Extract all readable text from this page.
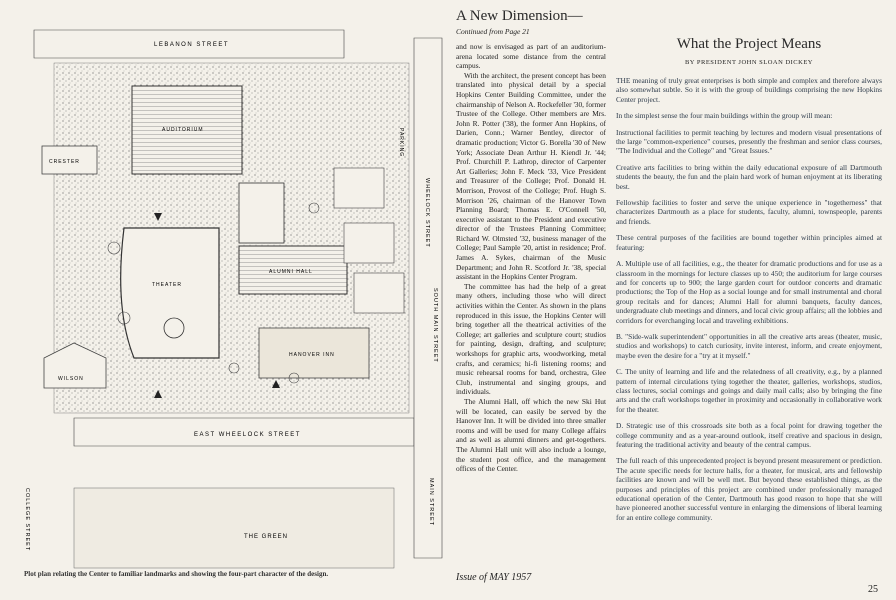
LEBANON STREET
EAST WHEELOCK STREET
THE GREEN
WHEELOCK STREET
SOUTH MAIN STREET
MAIN STREET
COLLEGE STREET
AUDITORIUM
THEATER
ALUMNI HALL
HANOVER INN
WILSON
CRESTER
PARKING
Plot plan relating the Center to familiar landmarks and showing the four-part character of the design.
A New Dimension—
Continued from Page 21

and now is envisaged as part of an auditorium-arena located some distance from the central campus.

With the architect, the present concept has been translated into physical detail by a special Hopkins Center Building Committee, under the chairmanship of Nelson A. Rockefeller '30, former Trustee of the College. Other members are Mrs. John R. Potter ('38), the former Ann Hopkins, of Darien, Conn.; Warner Bentley, director of dramatic production; Victor G. Borella '30 of New York; Associate Dean Arthur H. Kiendl Jr. '44; Prof. Churchill P. Lathrop, director of Carpenter Art Galleries; John F. Meck '33, Vice President and Treasurer of the College; Prof. Donald H. Morrison, Provost of the College; Prof. Hugh S. Morrison '26, chairman of the Hanover Town Planning Board; Thomas E. O'Connell '50, executive assistant to the President and executive director of the Trustees Planning Committee; Richard W. Olmsted '32, business manager of the College; Paul Sample '20, artist in residence; Prof. James A. Sykes, chairman of the Music Department; and John R. Scotford Jr. '38, special assistant in the Hopkins Center Program.

The committee has had the help of a great many others, including those who will direct activities within the Center. As shown in the plans reproduced in this issue, the Hopkins Center will bring together all the theatrical activities of the College; art galleries and sculpture court; studios for painting, design, drafting, and sculpture; workshops for graphic arts, woodworking, metal crafts, and ceramics; hi-fi listening rooms; and music rehearsal rooms for band, orchestra, Glee Club, instrumental and singing groups, and individuals.

The Alumni Hall, off which the new Ski Hut will be located, can easily be served by the Hanover Inn. It will be divided into three smaller rooms and will be used for many College affairs and as well as alumni dinners and get-togethers. The Alumni Hall unit will also include a lounge, the student post office, and the management offices of the Center.

Issue of MAY 1957
What the Project Means
BY PRESIDENT JOHN SLOAN DICKEY

THE meaning of truly great enterprises is both simple and complex and therefore always also somewhat subtle. So it is with the group of buildings comprising the new Hopkins Center project.

In the simplest sense the four main buildings within the group will mean:

Instructional facilities to permit teaching by lectures and modern visual presentations of the large "common-experience" courses, presently the freshman and senior class courses, "The Individual and the College" and "Great Issues."

Creative arts facilities to bring within the daily educational exposure of all Dartmouth students the beauty, the fun and the plain hard work of human enjoyment at its liberating best.

Fellowship facilities to foster and serve the unique experience in "togetherness" that characterizes Dartmouth as a place for students, faculty, alumni, townspeople, parents and friends.

These central purposes of the facilities are bound together within principles aimed at featuring:

A. Multiple use of all facilities, e.g., the theater for dramatic productions and for use as a classroom in the mornings for lecture classes up to 450; the auditorium for large courses and for concerts up to 900; the large garden court for outdoor concerts and dramatic productions; the Top of the Hop as a social lounge and for small instrumental and choral group recitals and for dances; Alumni Hall for alumni banquets, faculty dances, undergraduate club meetings and dinners, and local civic group affairs; all the lobbies and corridors for everchanging local and traveling exhibitions.

B. "Side-walk superintendent" opportunities in all the creative arts areas (theater, music, studios and workshops) to catch curiosity, invite interest, inform, and create enjoyment, maybe even the desire for a "try at it myself."

C. The unity of learning and life and the relatedness of all creativity, e.g., by a planned pattern of internal circulations tying together the theater, galleries, workshops, studios, class lectures, social comings and goings and daily mail calls; also by bringing the fine arts and the craft workshops together in proximity and occasionally in collaborative work for the theater.

D. Strategic use of this crossroads site both as a focal point for drawing together the college community and as a year-around outlook, itself creative and spacious in design, featuring the traditional activity and beauty of the central campus.

The full reach of this unprecedented project is beyond present measurement or prediction. The acute specific needs for lecture halls, for a theater, for musical, arts and fellowship facilities are known and will be well met. But beyond these established things, as the purposes and principles of this project are combined under professionally managed educational operation of the Center, Dartmouth has good reason to hope that she will have pioneered another successful venture in enlarging the dimensions of liberal learning for an entire college community.

25
